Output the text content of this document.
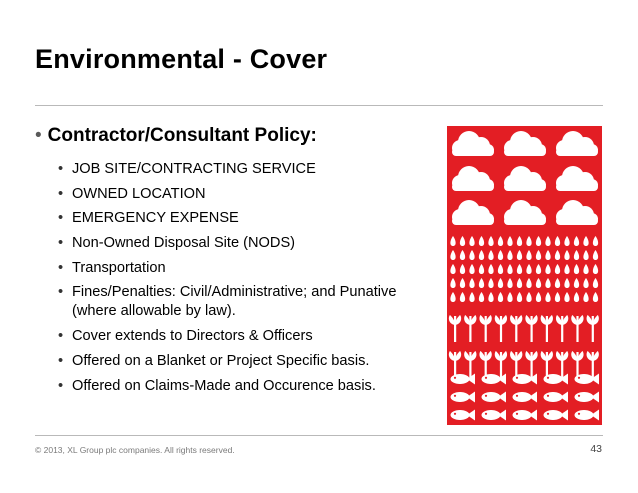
Environmental - Cover
• Contractor/Consultant Policy:
• JOB SITE/CONTRACTING SERVICE
• OWNED LOCATION
• EMERGENCY EXPENSE
• Non-Owned Disposal Site (NODS)
• Transportation
• Fines/Penalties: Civil/Administrative; and Punative (where allowable by law).
• Cover extends to Directors & Officers
• Offered on a Blanket or Project Specific basis.
• Offered on Claims-Made and Occurence basis.
© 2013, XL Group plc companies. All rights reserved.	43
